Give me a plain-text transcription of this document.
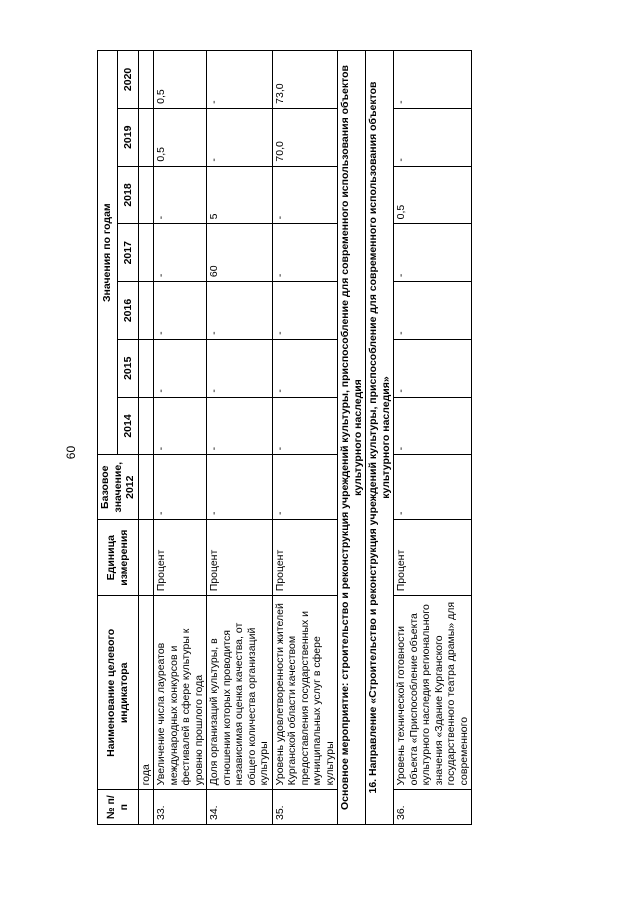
60
№ п/п	Наименование целевого индикатора	Единица измерения	Базовое значение, 2012	Значения по годам						
				2014	2015	2016	2017	2018	2019	2020
	года									
33.	Увеличение числа лауреатов международных конкурсов и фестивалей в сфере культуры к уровню прошлого года	Процент	-	-	-	-	-	-	0,5	0,5
34.	Доля организаций культуры, в отношении которых проводится независимая оценка качества, от общего количества организаций культуры	Процент	-	-	-	-	60	5	-	-
35.	Уровень удовлетворенности жителей Курганской области качеством предоставления государственных и муниципальных услуг в сфере культуры	Процент	-	-	-	-	-	-	70,0	73,0
Основное мероприятие: строительство и реконструкция учреждений культуры, приспособление для современного использования объектов культурного наследия										
16. Направление «Строительство и реконструкция учреждений культуры, приспособление для современного использования объектов культурного наследия»										
36.	Уровень технической готовности объекта «Приспособление объекта культурного наследия регионального значения «Здание Курганского государственного театра драмы» для современного	Процент	-	-	-	-	-	0,5	-	-
